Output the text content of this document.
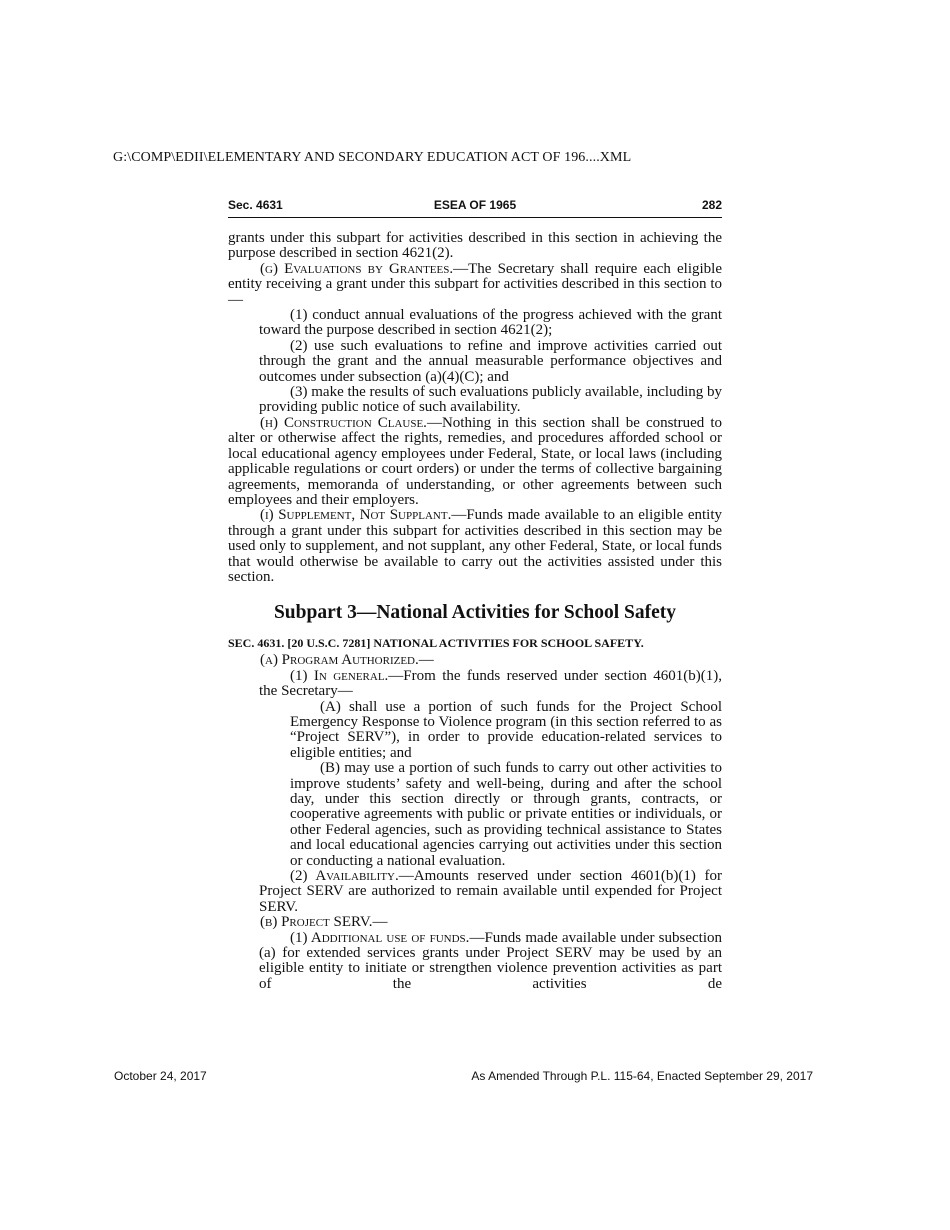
G:\COMP\EDII\ELEMENTARY AND SECONDARY EDUCATION ACT OF 196....XML
ESEA OF 1965
Sec. 4631	282

grants under this subpart for activities described in this section in achieving the purpose described in section 4621(2).

(g) Evaluations by Grantees.—The Secretary shall require each eligible entity receiving a grant under this subpart for activities described in this section to—

(1) conduct annual evaluations of the progress achieved with the grant toward the purpose described in section 4621(2);

(2) use such evaluations to refine and improve activities carried out through the grant and the annual measurable performance objectives and outcomes under subsection (a)(4)(C); and

(3) make the results of such evaluations publicly available, including by providing public notice of such availability.

(h) Construction Clause.—Nothing in this section shall be construed to alter or otherwise affect the rights, remedies, and procedures afforded school or local educational agency employees under Federal, State, or local laws (including applicable regulations or court orders) or under the terms of collective bargaining agreements, memoranda of understanding, or other agreements between such employees and their employers.

(i) Supplement, Not Supplant.—Funds made available to an eligible entity through a grant under this subpart for activities described in this section may be used only to supplement, and not supplant, any other Federal, State, or local funds that would otherwise be available to carry out the activities assisted under this section.

Subpart 3—National Activities for School Safety

SEC. 4631. [20 U.S.C. 7281] NATIONAL ACTIVITIES FOR SCHOOL SAFETY.

(a) Program Authorized.—

(1) In general.—From the funds reserved under section 4601(b)(1), the Secretary—

(A) shall use a portion of such funds for the Project School Emergency Response to Violence program (in this section referred to as “Project SERV”), in order to provide education-related services to eligible entities; and

(B) may use a portion of such funds to carry out other activities to improve students’ safety and well-being, during and after the school day, under this section directly or through grants, contracts, or cooperative agreements with public or private entities or individuals, or other Federal agencies, such as providing technical assistance to States and local educational agencies carrying out activities under this section or conducting a national evaluation.

(2) Availability.—Amounts reserved under section 4601(b)(1) for Project SERV are authorized to remain available until expended for Project SERV.

(b) Project SERV.—

(1) Additional use of funds.—Funds made available under subsection (a) for extended services grants under Project SERV may be used by an eligible entity to initiate or strengthen violence prevention activities as part of the activities de

October 24, 2017	As Amended Through P.L. 115-64, Enacted September 29, 2017
